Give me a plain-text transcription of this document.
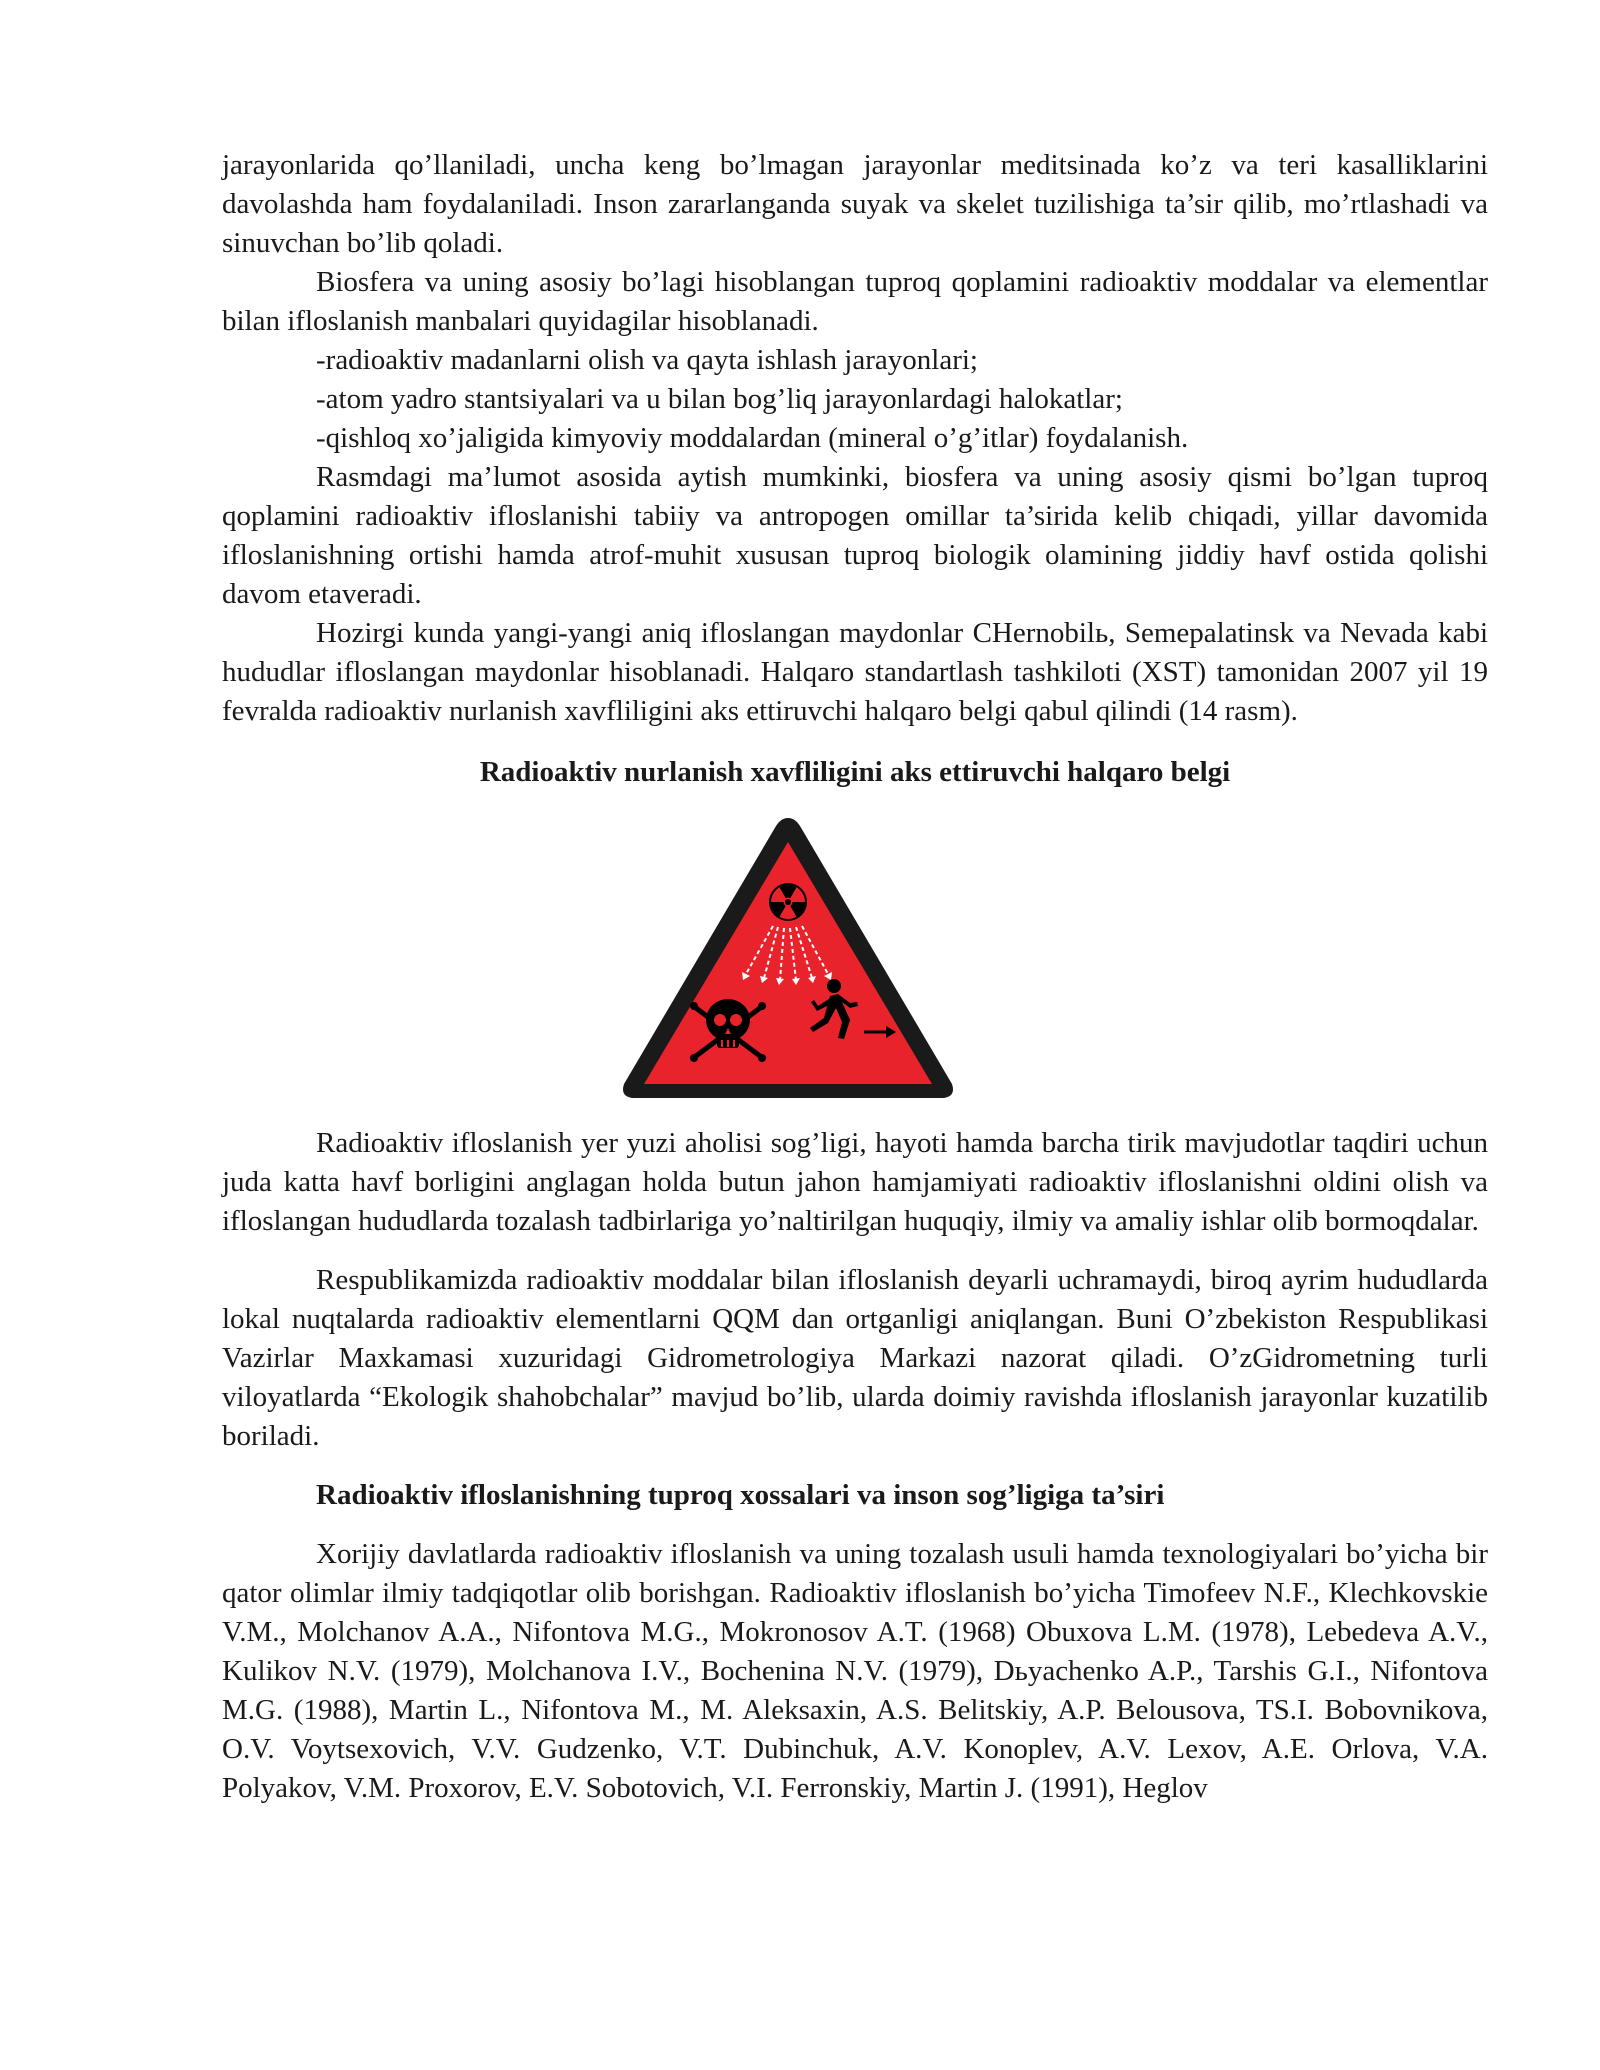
jarayonlarida qo’llaniladi, uncha keng bo’lmagan jarayonlar meditsinada ko’z va teri kasalliklarini davolashda ham foydalaniladi. Inson zararlanganda suyak va skelet tuzilishiga ta’sir qilib, mo’rtlashadi va sinuvchan bo’lib qoladi.

Biosfera va uning asosiy bo’lagi hisoblangan tuproq qoplamini radioaktiv moddalar va elementlar bilan ifloslanish manbalari quyidagilar hisoblanadi.

-radioaktiv madanlarni olish va qayta ishlash jarayonlari;

-atom yadro stantsiyalari va u bilan bog’liq jarayonlardagi halokatlar;

-qishloq xo’jaligida kimyoviy moddalardan (mineral o’g’itlar) foydalanish.

Rasmdagi ma’lumot asosida aytish mumkinki, biosfera va uning asosiy qismi bo’lgan tuproq qoplamini radioaktiv ifloslanishi tabiiy va antropogen omillar ta’sirida kelib chiqadi, yillar davomida ifloslanishning ortishi hamda atrof-muhit xususan tuproq biologik olamining jiddiy havf ostida qolishi davom etaveradi.

Hozirgi kunda yangi-yangi aniq ifloslangan maydonlar CHernobilь, Semepalatinsk va Nevada kabi hududlar ifloslangan maydonlar hisoblanadi. Halqaro standartlash tashkiloti (XST) tamonidan 2007 yil 19 fevralda radioaktiv nurlanish xavfliligini aks ettiruvchi halqaro belgi qabul qilindi (14 rasm).

Radioaktiv nurlanish xavfliligini aks ettiruvchi halqaro belgi

Radioaktiv ifloslanish yer yuzi aholisi sog’ligi, hayoti hamda barcha tirik mavjudotlar taqdiri uchun juda katta havf borligini anglagan holda butun jahon hamjamiyati radioaktiv ifloslanishni oldini olish va ifloslangan hududlarda tozalash tadbirlariga yo’naltirilgan huquqiy, ilmiy va amaliy ishlar olib bormoqdalar.

Respublikamizda radioaktiv moddalar bilan ifloslanish deyarli uchramaydi, biroq ayrim hududlarda lokal nuqtalarda radioaktiv elementlarni QQM dan ortganligi aniqlangan. Buni O’zbekiston Respublikasi Vazirlar Maxkamasi xuzuridagi Gidrometrologiya Markazi nazorat qiladi. O’zGidrometning turli viloyatlarda “Ekologik shahobchalar” mavjud bo’lib, ularda doimiy ravishda ifloslanish jarayonlar kuzatilib boriladi.

Radioaktiv ifloslanishning tuproq xossalari va inson sog’ligiga ta’siri

Xorijiy davlatlarda radioaktiv ifloslanish va uning tozalash usuli hamda texnologiyalari bo’yicha bir qator olimlar ilmiy tadqiqotlar olib borishgan. Radioaktiv ifloslanish bo’yicha Timofeev N.F., Klechkovskie V.M., Molchanov A.A., Nifontova M.G., Mokronosov A.T. (1968) Obuxova L.M. (1978), Lebedeva A.V., Kulikov N.V. (1979), Molchanova I.V., Bochenina N.V. (1979), Dьyachenko A.P., Tarshis G.I., Nifontova M.G. (1988), Martin L., Nifontova M., M. Aleksaxin, A.S. Belitskiy, A.P. Belousova, TS.I. Bobovnikova, O.V. Voytsexovich, V.V. Gudzenko, V.T. Dubinchuk, A.V. Konoplev, A.V. Lexov, A.E. Orlova, V.A. Polyakov, V.M. Proxorov, E.V. Sobotovich, V.I. Ferronskiy, Martin J. (1991), Heglov
